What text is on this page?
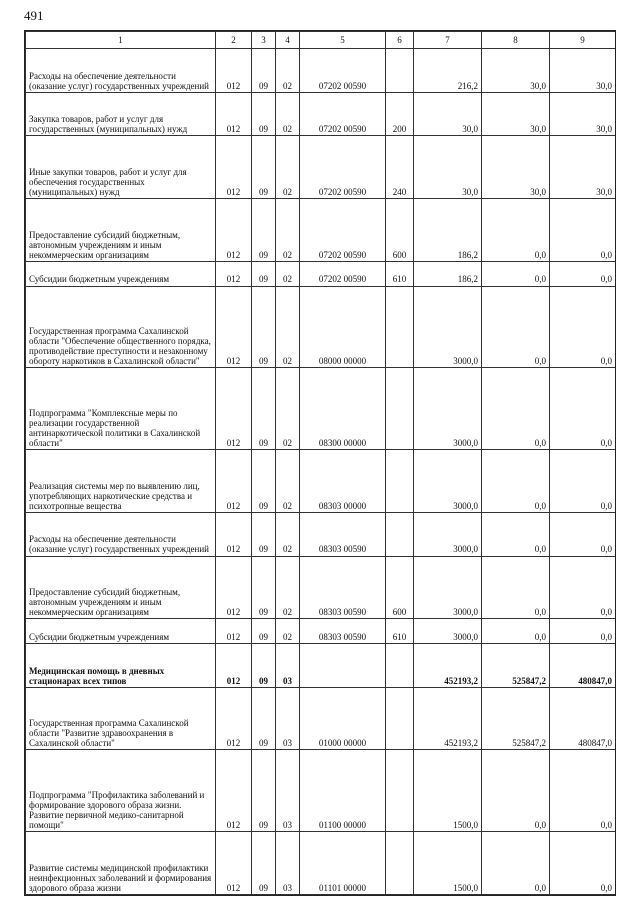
491
1	2	3	4	5	6	7	8	9
Расходы на обеспечение деятельности (оказание услуг) государственных учреждений	012	09	02	07202 00590		216,2	30,0	30,0
Закупка товаров, работ и услуг для государственных (муниципальных) нужд	012	09	02	07202 00590	200	30,0	30,0	30,0
Иные закупки товаров, работ и услуг для обеспечения государственных (муниципальных) нужд	012	09	02	07202 00590	240	30,0	30,0	30,0
Предоставление субсидий бюджетным, автономным учреждениям и иным некоммерческим организациям	012	09	02	07202 00590	600	186,2	0,0	0,0
Субсидии бюджетным учреждениям	012	09	02	07202 00590	610	186,2	0,0	0,0
Государственная программа Сахалинской области "Обеспечение общественного порядка, противодействие преступности и незаконному обороту наркотиков в Сахалинской области"	012	09	02	08000 00000		3000,0	0,0	0,0
Подпрограмма "Комплексные меры по реализации государственной антинаркотической политики в Сахалинской области"	012	09	02	08300 00000		3000,0	0,0	0,0
Реализация системы мер по выявлению лиц, употребляющих наркотические средства и психотропные вещества	012	09	02	08303 00000		3000,0	0,0	0,0
Расходы на обеспечение деятельности (оказание услуг) государственных учреждений	012	09	02	08303 00590		3000,0	0,0	0,0
Предоставление субсидий бюджетным, автономным учреждениям и иным некоммерческим организациям	012	09	02	08303 00590	600	3000,0	0,0	0,0
Субсидии бюджетным учреждениям	012	09	02	08303 00590	610	3000,0	0,0	0,0
Медицинская помощь в дневных стационарах всех типов	012	09	03			452193,2	525847,2	480847,0
Государственная программа Сахалинской области "Развитие здравоохранения в Сахалинской области"	012	09	03	01000 00000		452193,2	525847,2	480847,0
Подпрограмма "Профилактика заболеваний и формирование здорового образа жизни. Развитие первичной медико-санитарной помощи"	012	09	03	01100 00000		1500,0	0,0	0,0
Развитие системы медицинской профилактики неинфекционных заболеваний и формирования здорового образа жизни	012	09	03	01101 00000		1500,0	0,0	0,0
